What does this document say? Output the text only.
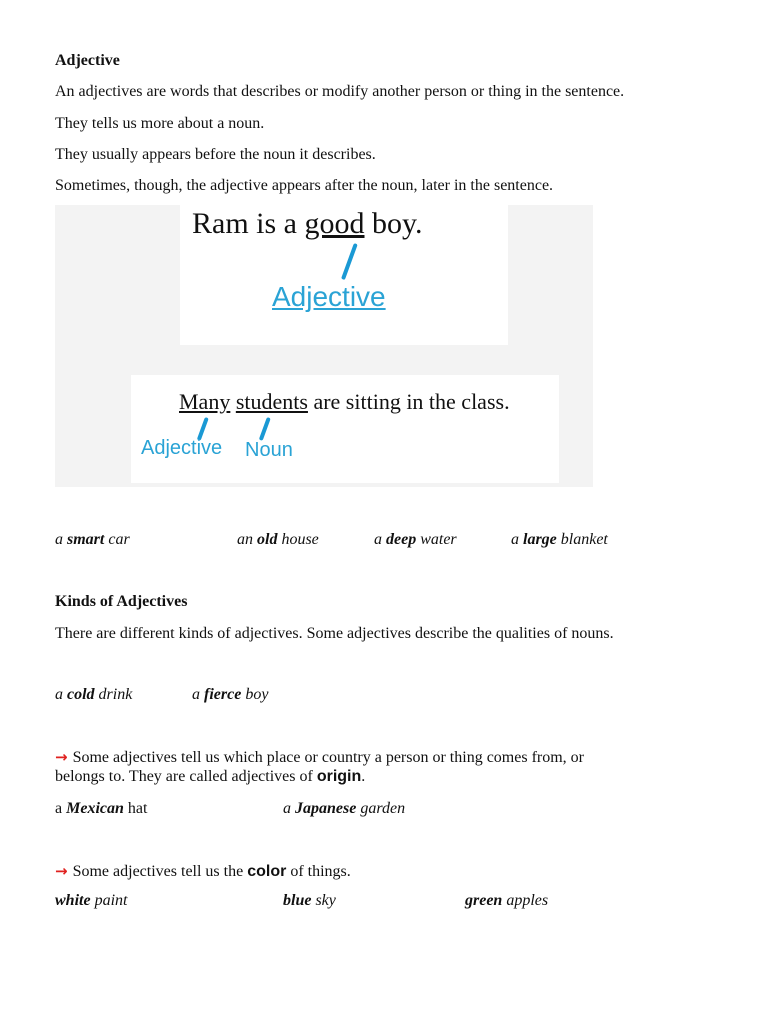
Adjective
An adjectives are words that describes or modify another person or thing in the sentence.
They tells us more about a noun.
They usually appears before the noun it describes.
Sometimes, though, the adjective appears after the noun, later in the sentence.
Ram is a good boy.
Adjective
Many students are sitting in the class.
Adjective Noun
a smart car	an old house	a deep water	a large blanket
Kinds of Adjectives
There are different kinds of adjectives. Some adjectives describe the qualities of nouns.
a cold drink	a fierce boy
→ Some adjectives tell us which place or country a person or thing comes from, or
belongs to. They are called adjectives of origin.
a Mexican hat	a Japanese garden
→ Some adjectives tell us the color of things.
white paint	blue sky	green apples
